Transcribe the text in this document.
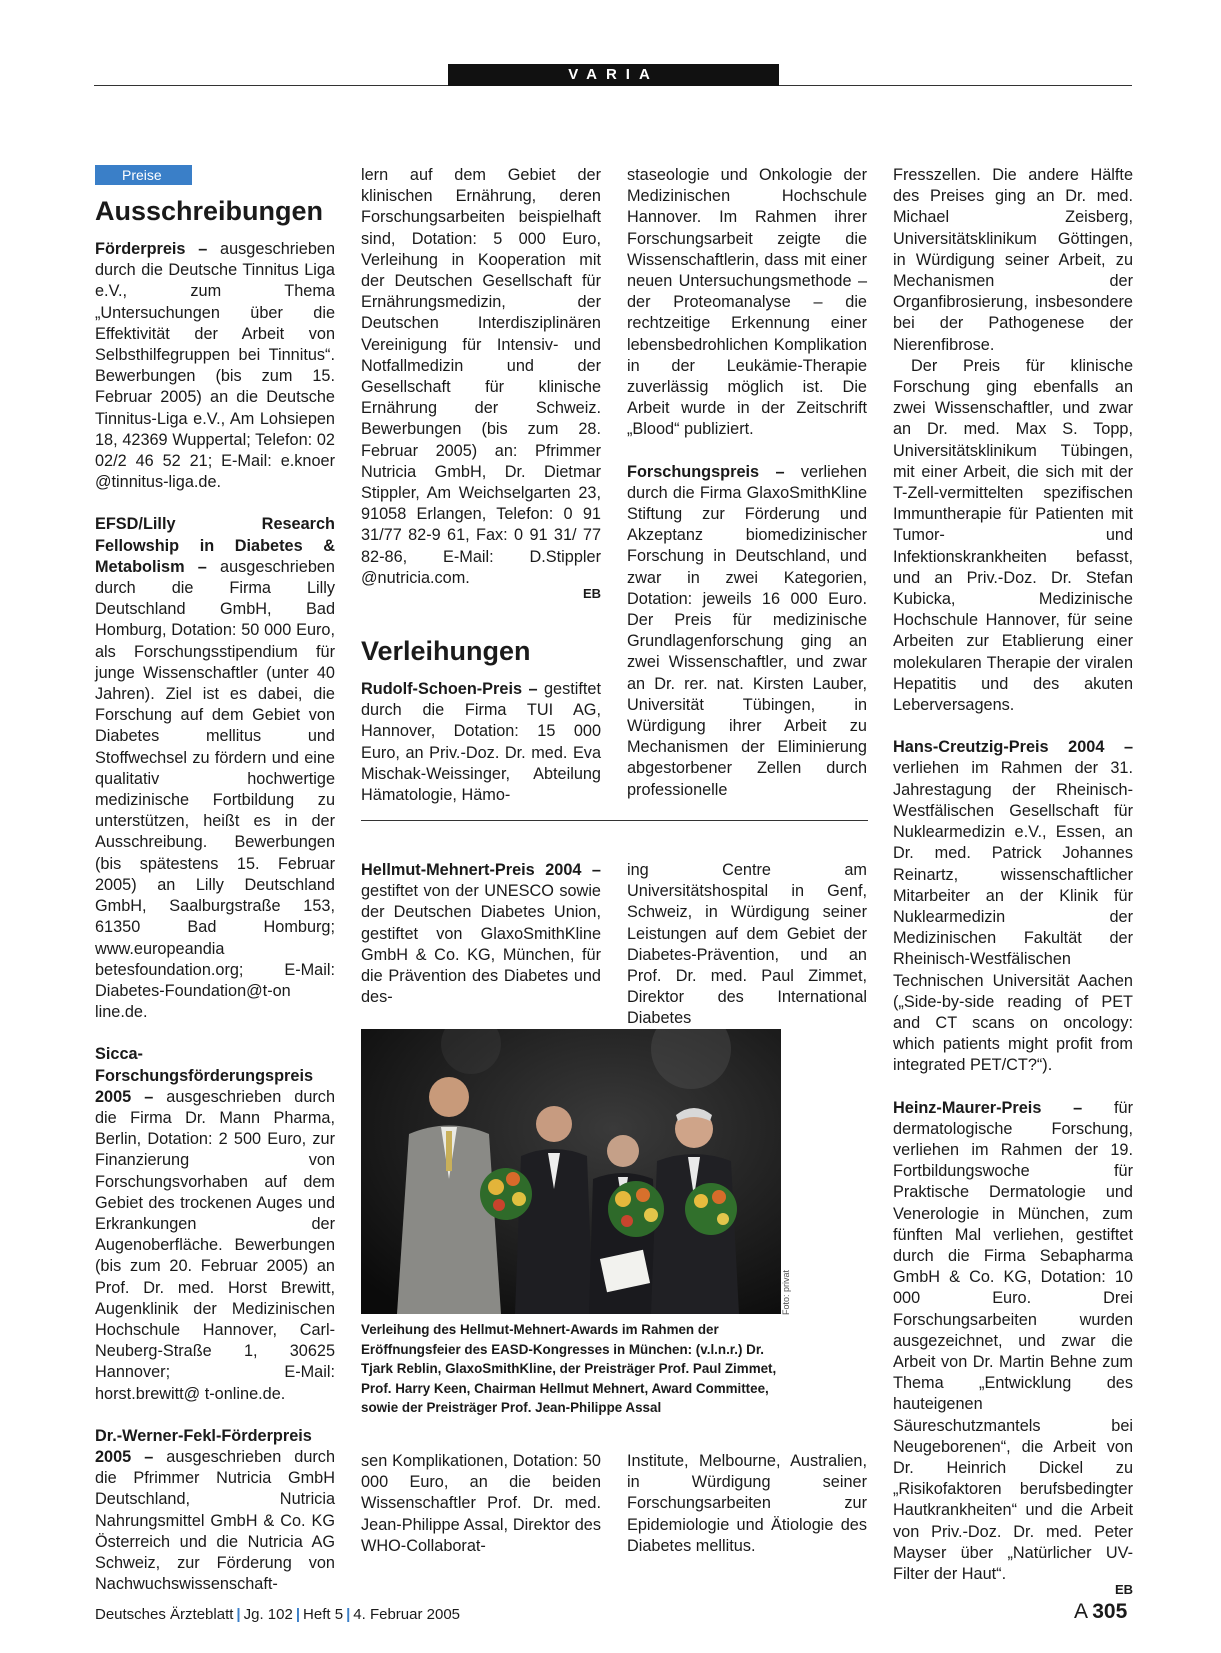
VARIA
Preise
Ausschreibungen

Förderpreis – ausgeschrieben durch die Deutsche Tinnitus Liga e.V., zum Thema „Untersuchungen über die Effektivität der Arbeit von Selbsthilfegruppen bei Tinnitus“. Bewerbungen (bis zum 15. Februar 2005) an die Deutsche Tinnitus-Liga e.V., Am Lohsiepen 18, 42369 Wuppertal; Telefon: 02 02/2 46 52 21; E-Mail: e.knoer @tinnitus-liga.de.

EFSD/Lilly Research Fellowship in Diabetes & Metabolism – ausgeschrieben durch die Firma Lilly Deutschland GmbH, Bad Homburg, Dotation: 50 000 Euro, als Forschungsstipendium für junge Wissenschaftler (unter 40 Jahren). Ziel ist es dabei, die Forschung auf dem Gebiet von Diabetes mellitus und Stoffwechsel zu fördern und eine qualitativ hochwertige medizinische Fortbildung zu unterstützen, heißt es in der Ausschreibung. Bewerbungen (bis spätestens 15. Februar 2005) an Lilly Deutschland GmbH, Saalburgstraße 153, 61350 Bad Homburg; www.europeandia betesfoundation.org; E-Mail: Diabetes-Foundation@t-on line.de.

Sicca-Forschungsförderungspreis 2005 – ausgeschrieben durch die Firma Dr. Mann Pharma, Berlin, Dotation: 2 500 Euro, zur Finanzierung von Forschungsvorhaben auf dem Gebiet des trockenen Auges und Erkrankungen der Augenoberfläche. Bewerbungen (bis zum 20. Februar 2005) an Prof. Dr. med. Horst Brewitt, Augenklinik der Medizinischen Hochschule Hannover, Carl-Neuberg-Straße 1, 30625 Hannover; E-Mail: horst.brewitt@ t-online.de.

Dr.-Werner-Fekl-Förderpreis 2005 – ausgeschrieben durch die Pfrimmer Nutricia GmbH Deutschland, Nutricia Nahrungsmittel GmbH & Co. KG Österreich und die Nutricia AG Schweiz, zur Förderung von Nachwuchswissenschaft-

lern auf dem Gebiet der klinischen Ernährung, deren Forschungsarbeiten beispielhaft sind, Dotation: 5 000 Euro, Verleihung in Kooperation mit der Deutschen Gesellschaft für Ernährungsmedizin, der Deutschen Interdisziplinären Vereinigung für Intensiv- und Notfallmedizin und der Gesellschaft für klinische Ernährung der Schweiz. Bewerbungen (bis zum 28. Februar 2005) an: Pfrimmer Nutricia GmbH, Dr. Dietmar Stippler, Am Weichselgarten 23, 91058 Erlangen, Telefon: 0 91 31/77 82-9 61, Fax: 0 91 31/ 77 82-86, E-Mail: D.Stippler @nutricia.com.

EB
Verleihungen

Rudolf-Schoen-Preis – gestiftet durch die Firma TUI AG, Hannover, Dotation: 15 000 Euro, an Priv.-Doz. Dr. med. Eva Mischak-Weissinger, Abteilung Hämatologie, Hämo-

staseologie und Onkologie der Medizinischen Hochschule Hannover. Im Rahmen ihrer Forschungsarbeit zeigte die Wissenschaftlerin, dass mit einer neuen Untersuchungsmethode – der Proteomanalyse – die rechtzeitige Erkennung einer lebensbedrohlichen Komplikation in der Leukämie-Therapie zuverlässig möglich ist. Die Arbeit wurde in der Zeitschrift „Blood“ publiziert.

Forschungspreis – verliehen durch die Firma GlaxoSmithKline Stiftung zur Förderung und Akzeptanz biomedizinischer Forschung in Deutschland, und zwar in zwei Kategorien, Dotation: jeweils 16 000 Euro. Der Preis für medizinische Grundlagenforschung ging an zwei Wissenschaftler, und zwar an Dr. rer. nat. Kirsten Lauber, Universität Tübingen, in Würdigung ihrer Arbeit zu Mechanismen der Eliminierung abgestorbener Zellen durch professionelle

Fresszellen. Die andere Hälfte des Preises ging an Dr. med. Michael Zeisberg, Universitätsklinikum Göttingen, in Würdigung seiner Arbeit, zu Mechanismen der Organfibrosierung, insbesondere bei der Pathogenese der Nierenfibrose.

Der Preis für klinische Forschung ging ebenfalls an zwei Wissenschaftler, und zwar an Dr. med. Max S. Topp, Universitätsklinikum Tübingen, mit einer Arbeit, die sich mit der T-Zell-vermittelten spezifischen Immuntherapie für Patienten mit Tumor- und Infektionskrankheiten befasst, und an Priv.-Doz. Dr. Stefan Kubicka, Medizinische Hochschule Hannover, für seine Arbeiten zur Etablierung einer molekularen Therapie der viralen Hepatitis und des akuten Leberversagens.

Hans-Creutzig-Preis 2004 – verliehen im Rahmen der 31. Jahrestagung der Rheinisch-Westfälischen Gesellschaft für Nuklearmedizin e.V., Essen, an Dr. med. Patrick Johannes Reinartz, wissenschaftlicher Mitarbeiter an der Klinik für Nuklearmedizin der Medizinischen Fakultät der Rheinisch-Westfälischen Technischen Universität Aachen („Side-by-side reading of PET and CT scans on oncology: which patients might profit from integrated PET/CT?“).

Heinz-Maurer-Preis – für dermatologische Forschung, verliehen im Rahmen der 19. Fortbildungswoche für Praktische Dermatologie und Venerologie in München, zum fünften Mal verliehen, gestiftet durch die Firma Sebapharma GmbH & Co. KG, Dotation: 10 000 Euro. Drei Forschungsarbeiten wurden ausgezeichnet, und zwar die Arbeit von Dr. Martin Behne zum Thema „Entwicklung des hauteigenen Säureschutzmantels bei Neugeborenen“, die Arbeit von Dr. Heinrich Dickel zu „Risikofaktoren berufsbedingter Hautkrankheiten“ und die Arbeit von Priv.-Doz. Dr. med. Peter Mayser über „Natürlicher UV-Filter der Haut“.

EB

Hellmut-Mehnert-Preis 2004 – gestiftet von der UNESCO sowie der Deutschen Diabetes Union, gestiftet von GlaxoSmithKline GmbH & Co. KG, München, für die Prävention des Diabetes und des-

ing Centre am Universitätshospital in Genf, Schweiz, in Würdigung seiner Leistungen auf dem Gebiet der Diabetes-Prävention, und an Prof. Dr. med. Paul Zimmet, Direktor des International Diabetes

Foto: privat
Verleihung des Hellmut-Mehnert-Awards im Rahmen der Eröffnungsfeier des EASD-Kongresses in München: (v.l.n.r.) Dr. Tjark Reblin, GlaxoSmithKline, der Preisträger Prof. Paul Zimmet, Prof. Harry Keen, Chairman Hellmut Mehnert, Award Committee, sowie der Preisträger Prof. Jean-Philippe Assal

sen Komplikationen, Dotation: 50 000 Euro, an die beiden Wissenschaftler Prof. Dr. med. Jean-Philippe Assal, Direktor des WHO-Collaborat-

Institute, Melbourne, Australien, in Würdigung seiner Forschungsarbeiten zur Epidemiologie und Ätiologie des Diabetes mellitus.

Deutsches Ärzteblatt | Jg. 102 | Heft 5 | 4. Februar 2005	A  305
